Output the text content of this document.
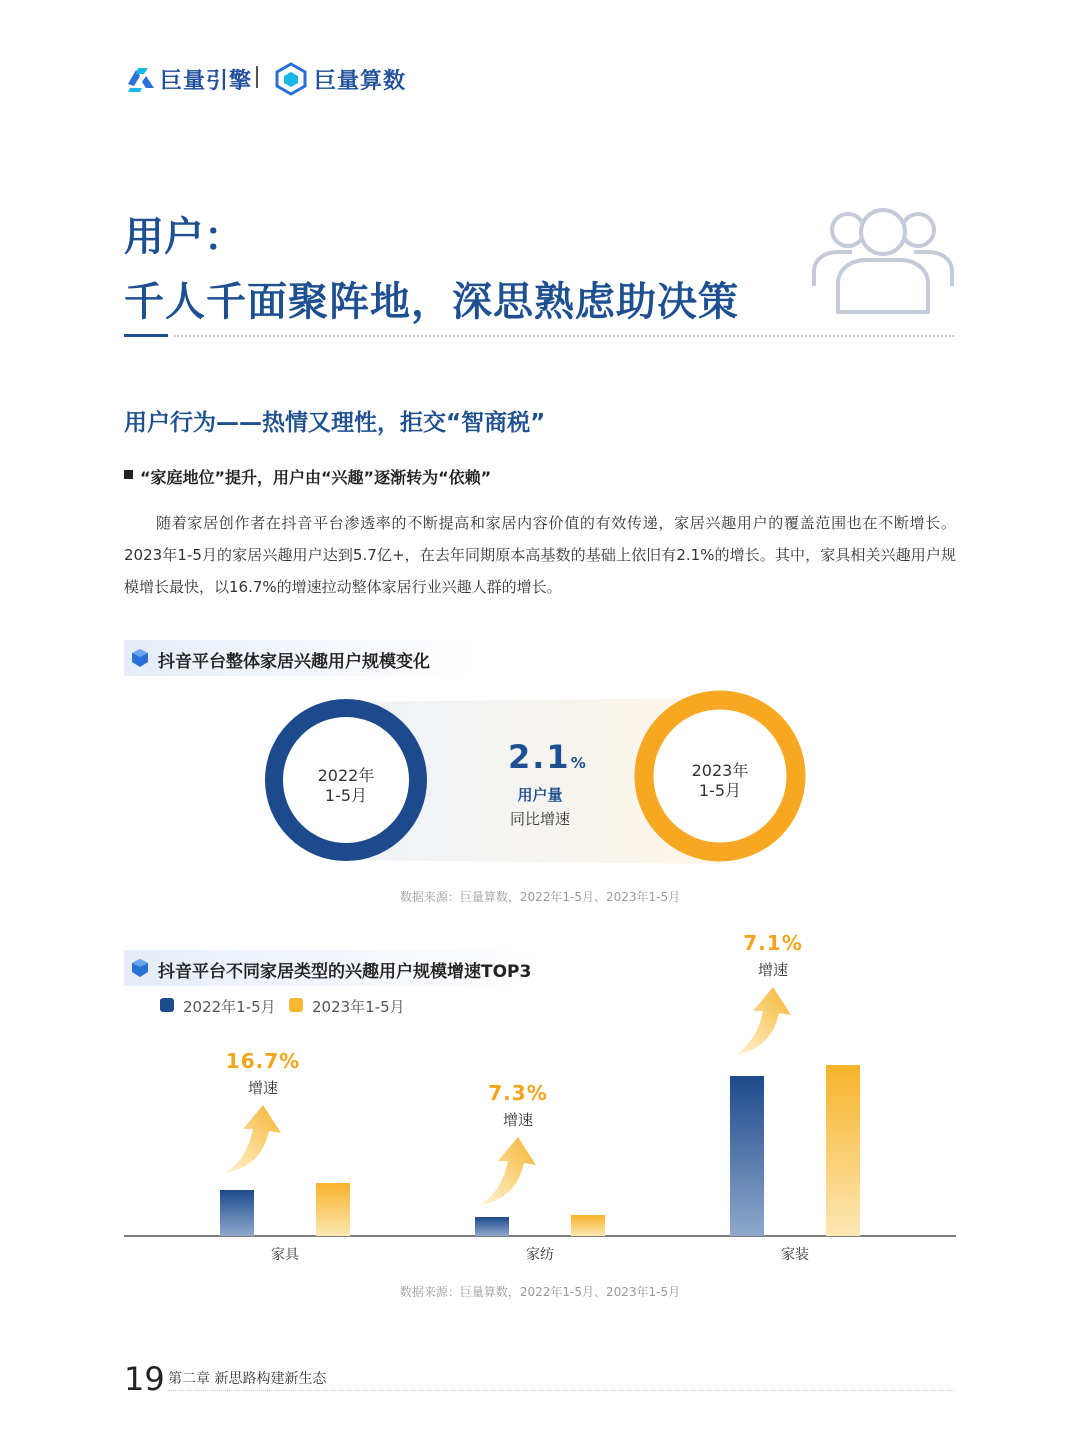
巨量引擎	巨量算数
用户：
千人千面聚阵地，深思熟虑助决策
用户行为——热情又理性，拒交“智商税”
“家庭地位”提升，用户由“兴趣”逐渐转为“依赖”
随着家居创作者在抖音平台渗透率的不断提高和家居内容价值的有效传递，家居兴趣用户的覆盖范围也在不断增长。2023年1-5月的家居兴趣用户达到5.7亿+，在去年同期原本高基数的基础上依旧有2.1%的增长。其中，家具相关兴趣用户规模增长最快，以16.7%的增速拉动整体家居行业兴趣人群的增长。
抖音平台整体家居兴趣用户规模变化
2022年
1-5月
2023年
1-5月
2.1%
用户量
同比增速
数据来源：巨量算数，2022年1-5月、2023年1-5月
抖音平台不同家居类型的兴趣用户规模增速TOP3
2022年1-5月 2023年1-5月
数据来源：巨量算数，2022年1-5月、2023年1-5月
19 第二章 新思路构建新生态
家具
16.7%
增速
家纺
7.3%
增速
家装
7.1%
增速
